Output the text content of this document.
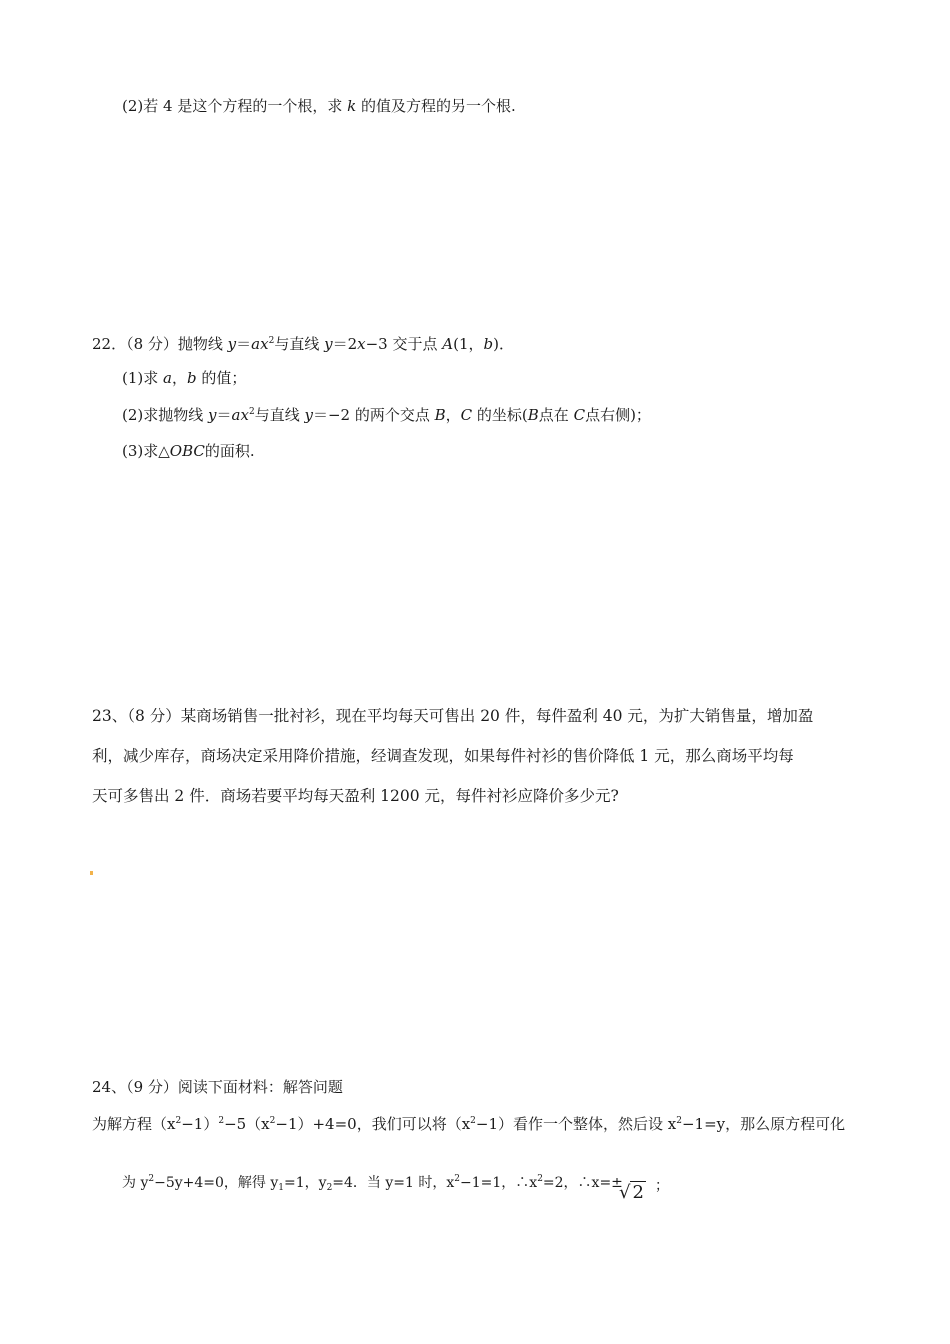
(2)若 4 是这个方程的一个根，求 k 的值及方程的另一个根.
22．（8 分）抛物线 $y=ax^2$与直线 y＝2x−3 交于点 A(1，b)．
(1)求 a，b 的值；
(2)求抛物线 $y=ax^2$与直线 y＝−2 的两个交点 B，C 的坐标(B点在 C点右侧)；
(3)求△OBC的面积.
23、（8 分）某商场销售一批衬衫，现在平均每天可售出 20 件，每件盈利 40 元，为扩大销售量，增加盈
利，减少库存，商场决定采用降价措施，经调查发现，如果每件衬衫的售价降低 1 元，那么商场平均每
天可多售出 2 件．商场若要平均每天盈利 1200 元，每件衬衫应降价多少元?
24、（9 分）阅读下面材料：解答问题
为解方程$(x^2-1)^2-5(x^2-1)+4=0$，我们可以将$(x^2-1)$看作一个整体，然后设 $x^2-1=y$，那么原方程可化
为 $y^2-5y+4=0$，解得 $y_1=1$，$y_2=4$．当 y=1 时，$x^2-1=1$，$\therefore x^2=2$，∴x=±
√ 2 ；
